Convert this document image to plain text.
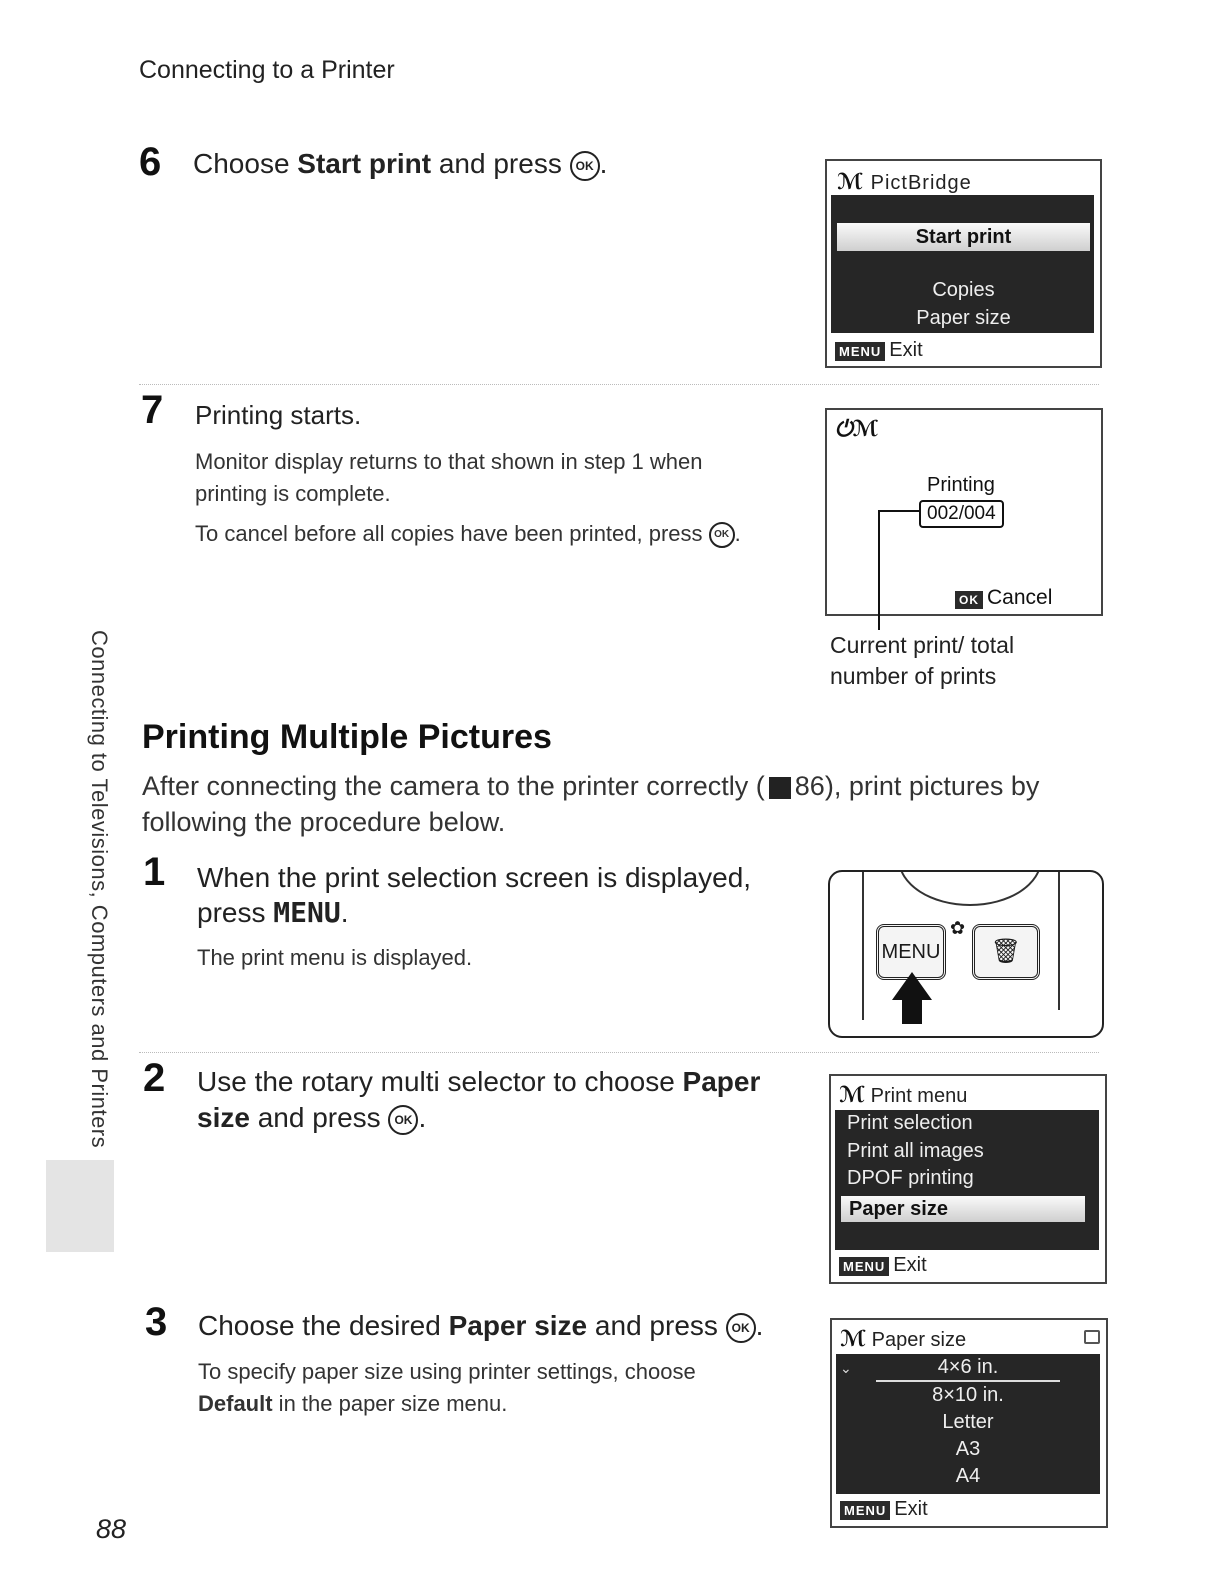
Connecting to a Printer
Connecting to Televisions, Computers and Printers
6 Choose Start print and press OK .
ℳ PictBridge
Start print
Copies
Paper size
MENU Exit
7 Printing starts.
Monitor display returns to that shown in step 1 when printing is complete.
To cancel before all copies have been printed, press OK .
⏻ℳ
Printing
002/004
OK Cancel
Current print/ total number of prints
Printing Multiple Pictures
After connecting the camera to the printer correctly ( 86), print pictures by following the procedure below.
1 When the print selection screen is displayed, press MENU.
The print menu is displayed.	MENU
✿
🗑
2 Use the rotary multi selector to choose Paper size and press OK .
ℳ Print menu
Print selection
Print all images
DPOF printing
Paper size
MENU Exit
3 Choose the desired Paper size and press OK .
To specify paper size using printer settings, choose Default in the paper size menu.
ℳ Paper size
⌄	4×6 in.
8×10 in.
Letter
A3
A4
MENU Exit
88
